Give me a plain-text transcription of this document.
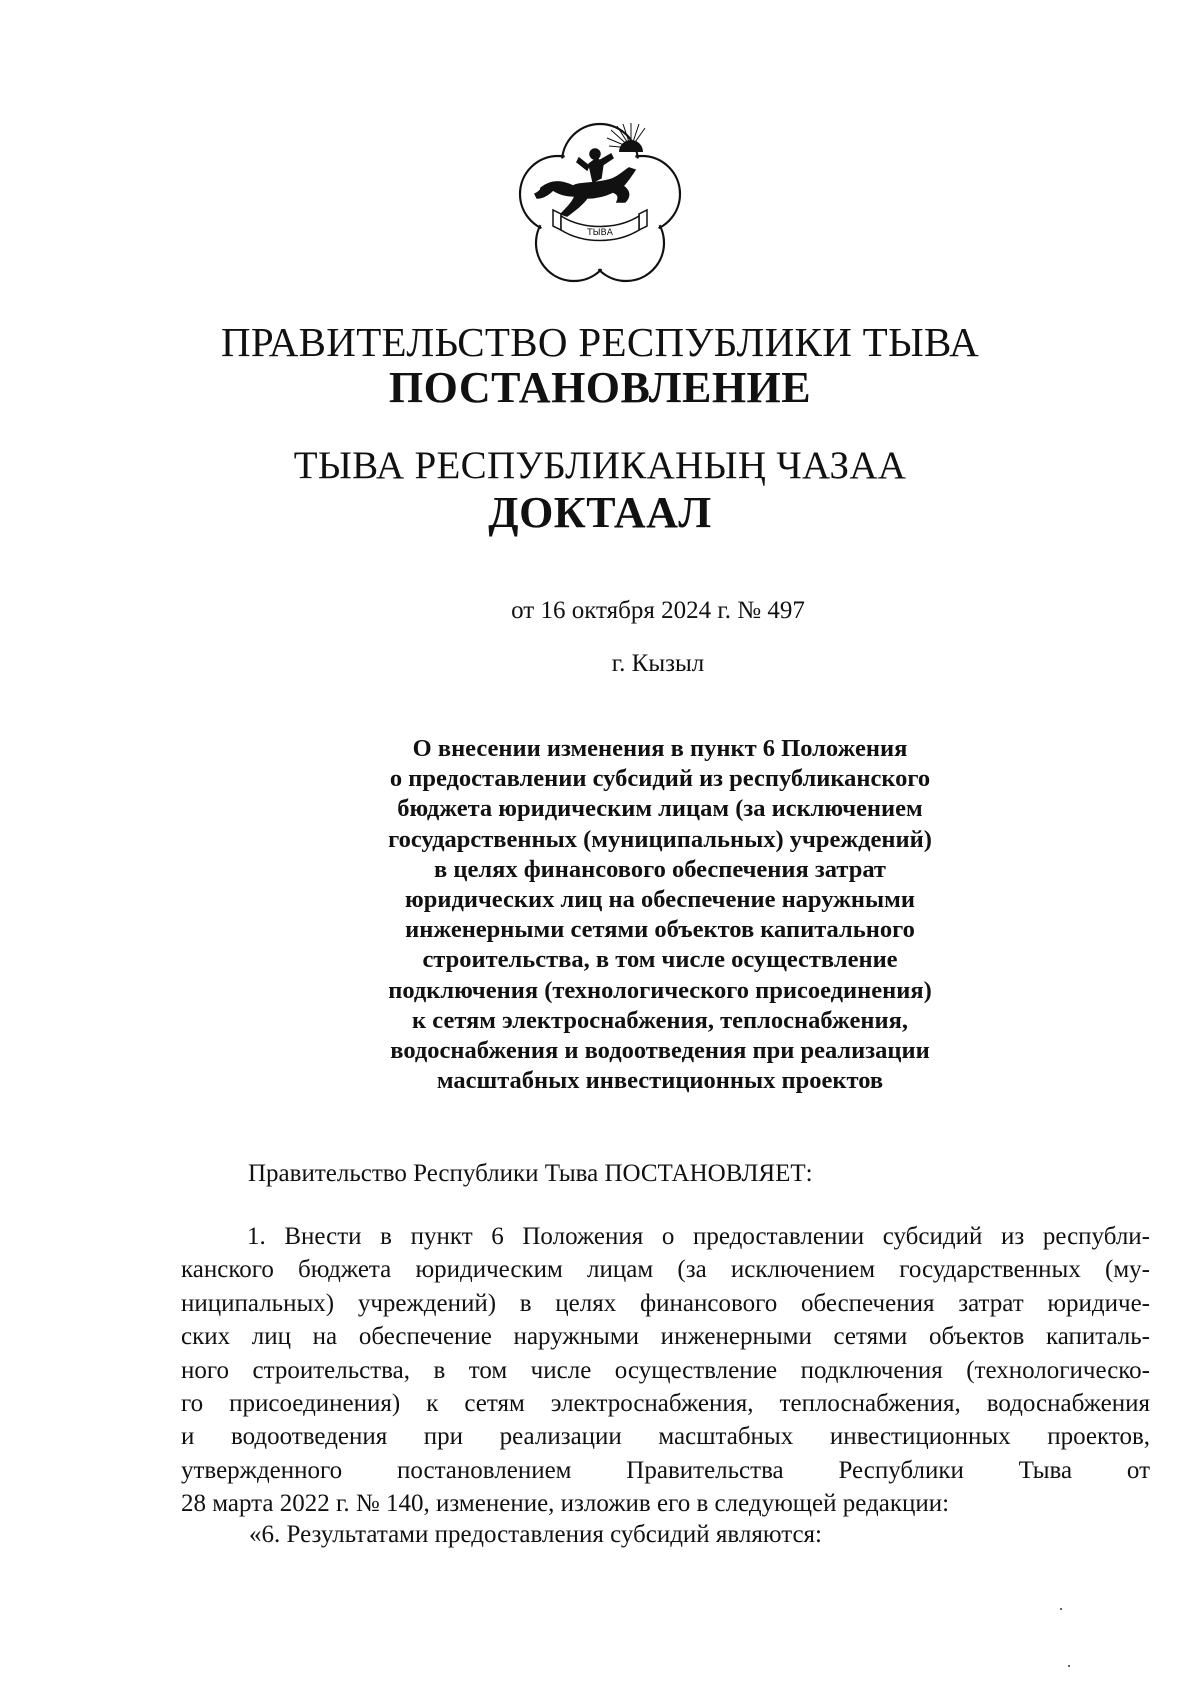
ТЫВА
ПРАВИТЕЛЬСТВО РЕСПУБЛИКИ ТЫВА
ПОСТАНОВЛЕНИЕ
ТЫВА РЕСПУБЛИКАНЫҢ ЧАЗАА
ДОКТААЛ
от 16 октября 2024 г. № 497
г. Кызыл
О внесении изменения в пункт 6 Положения
о предоставлении субсидий из республиканского
бюджета юридическим лицам (за исключением
государственных (муниципальных) учреждений)
в целях финансового обеспечения затрат
юридических лиц на обеспечение наружными
инженерными сетями объектов капитального
строительства, в том числе осуществление
подключения (технологического присоединения)
к сетям электроснабжения, теплоснабжения,
водоснабжения и водоотведения при реализации
масштабных инвестиционных проектов
Правительство Республики Тыва ПОСТАНОВЛЯЕТ:
1. Внести в пункт 6 Положения о предоставлении субсидий из республи-
канского бюджета юридическим лицам (за исключением государственных (му-
ниципальных) учреждений) в целях финансового обеспечения затрат юридиче-
ских лиц на обеспечение наружными инженерными сетями объектов капиталь-
ного строительства, в том числе осуществление подключения (технологическо-
го присоединения) к сетям электроснабжения, теплоснабжения, водоснабжения
и водоотведения при реализации масштабных инвестиционных проектов,
утвержденного постановлением Правительства Республики Тыва от
28 марта 2022 г. № 140, изменение, изложив его в следующей редакции:
«6. Результатами предоставления субсидий являются:
